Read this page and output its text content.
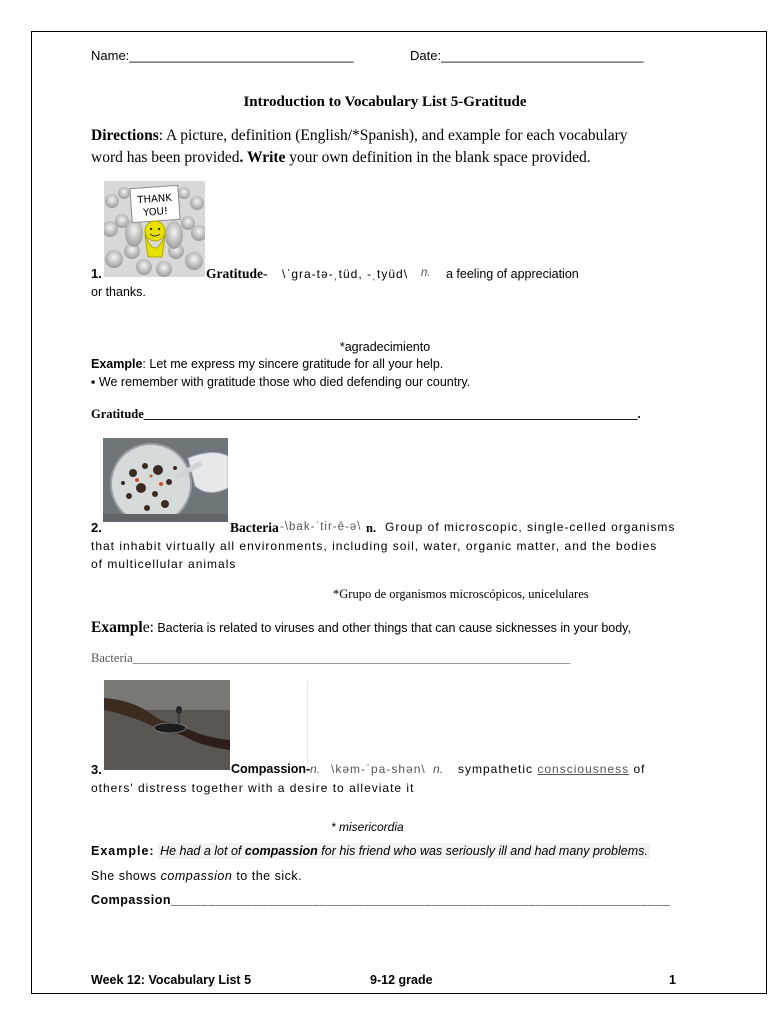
Name:_______________________________	Date:____________________________
Introduction to Vocabulary List 5-Gratitude
Directions: A picture, definition (English/*Spanish), and example for each vocabulary
word has been provided. Write your own definition in the blank space provided.
THANK
YOU!
1.	Gratitude- \ˈgra-tə-ˌtüd, -ˌtyüd\ n. a feeling of appreciation
or thanks.
*agradecimiento
Example: Let me express my sincere gratitude for all your help.
▪ We remember with gratitude those who died defending our country.
Gratitude_______________________________________________________________________________.
2.	Bacteria -\bak-ˈtir-ē-ə\ n. Group of microscopic, single-celled organisms
that inhabit virtually all environments, including soil, water, organic matter, and the bodies
of multicellular animals
*Grupo de organismos microscópicos, unicelulares
Example: Bacteria is related to viruses and other things that can cause sicknesses in your body,
Bacteria______________________________________________________________________
3.	Compassion- n. \kəm-ˈpa-shən\ n. sympathetic consciousness of
others' distress together with a desire to alleviate it
* misericordia
Example: He had a lot of compassion for his friend who was seriously ill and had many problems.
She shows compassion to the sick.
Compassion___________________________________________________________________
Week 12: Vocabulary List 5	9-12 grade	1
